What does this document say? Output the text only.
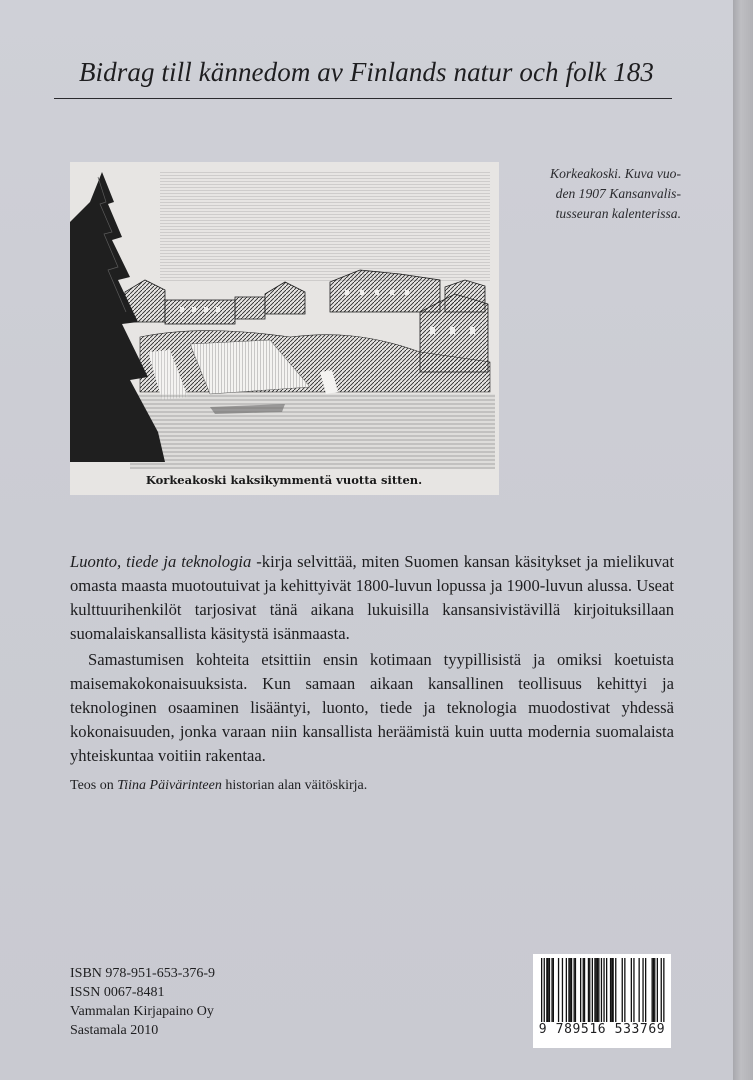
Bidrag till kännedom av Finlands natur och folk 183
Korkeakoski kaksikymmentä vuotta sitten.
Korkeakoski. Kuva vuo-
den 1907 Kansanvalis-
tusseuran kalenterissa.

Luonto, tiede ja teknologia -kirja selvittää, miten Suomen kansan käsitykset ja mielikuvat omasta maasta muotoutuivat ja kehittyivät 1800-luvun lopussa ja 1900-luvun alussa. Useat kulttuurihenkilöt tarjosivat tänä aikana lukuisilla kansansivistävillä kirjoituksillaan suomalaiskansallista käsitystä isänmaasta.

Samastumisen kohteita etsittiin ensin kotimaan tyypillisistä ja omiksi koetuista maisemakokonaisuuksista. Kun samaan aikaan kansallinen teollisuus kehittyi ja teknologinen osaaminen lisääntyi, luonto, tiede ja teknologia muodostivat yhdessä kokonaisuuden, jonka varaan niin kansallista heräämistä kuin uutta modernia suomalaista yhteiskuntaa voitiin rakentaa.

Teos on Tiina Päivärinteen historian alan väitöskirja.
ISBN 978-951-653-376-9
ISSN 0067-8481
Vammalan Kirjapaino Oy
Sastamala 2010	9 789516 533769
